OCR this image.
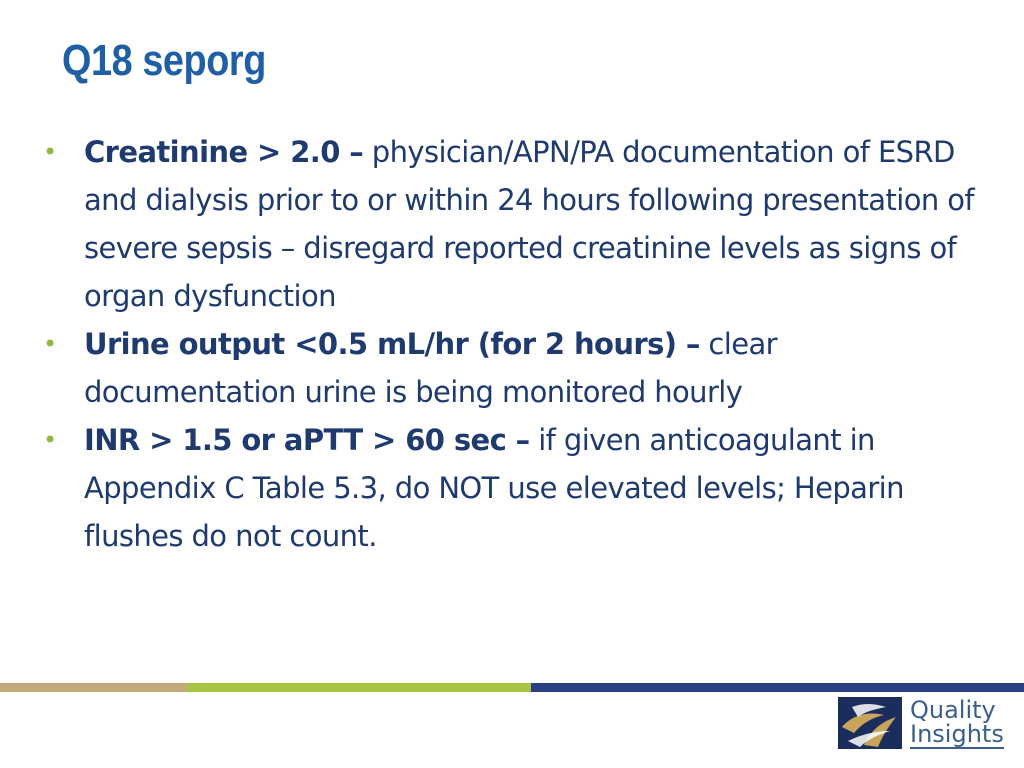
Q18 seporg
• Creatinine > 2.0 – physician/APN/PA documentation of ESRD and dialysis prior to or within 24 hours following presentation of severe sepsis – disregard reported creatinine levels as signs of organ dysfunction
• Urine output <0.5 mL/hr (for 2 hours) – clear documentation urine is being monitored hourly
• INR > 1.5 or aPTT > 60 sec – if given anticoagulant in Appendix C Table 5.3, do NOT use elevated levels; Heparin flushes do not count.
Quality
Insights
